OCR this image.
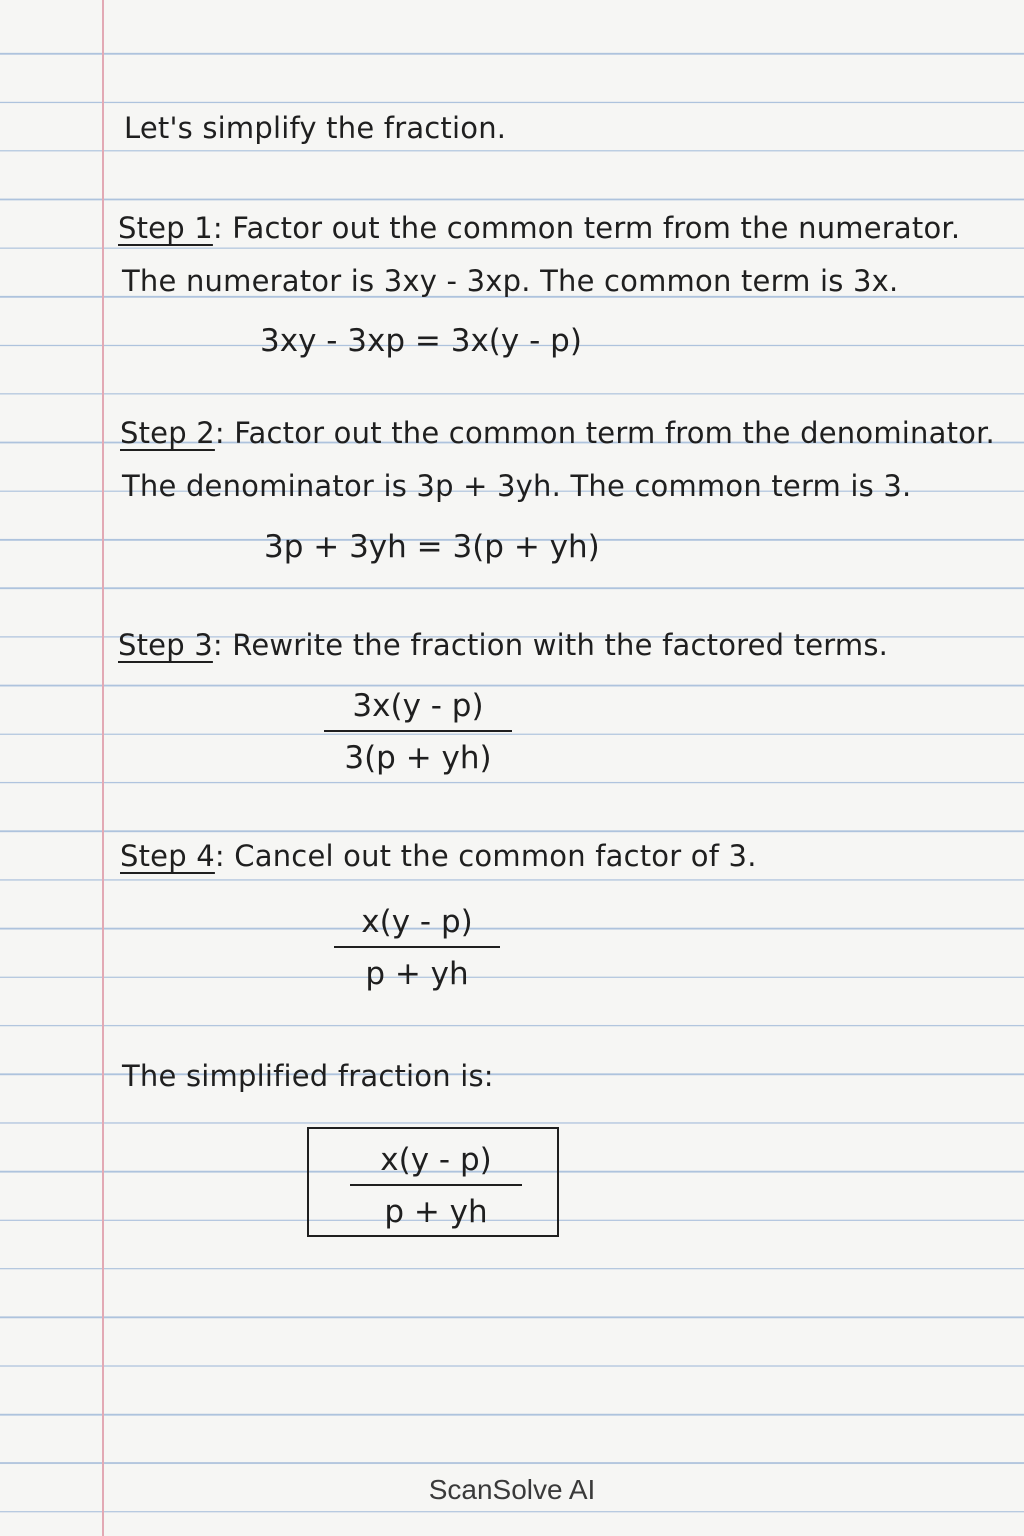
Let's simplify the fraction.
Step 1: Factor out the common term from the numerator.
The numerator is 3xy - 3xp. The common term is 3x.
3xy - 3xp = 3x(y - p)
Step 2: Factor out the common term from the denominator.
The denominator is 3p + 3yh. The common term is 3.
3p + 3yh = 3(p + yh)
Step 3: Rewrite the fraction with the factored terms.
3x(y - p)
3(p + yh)
Step 4: Cancel out the common factor of 3.
x(y - p)
p + yh
The simplified fraction is:
x(y - p)
p + yh
ScanSolve AI
